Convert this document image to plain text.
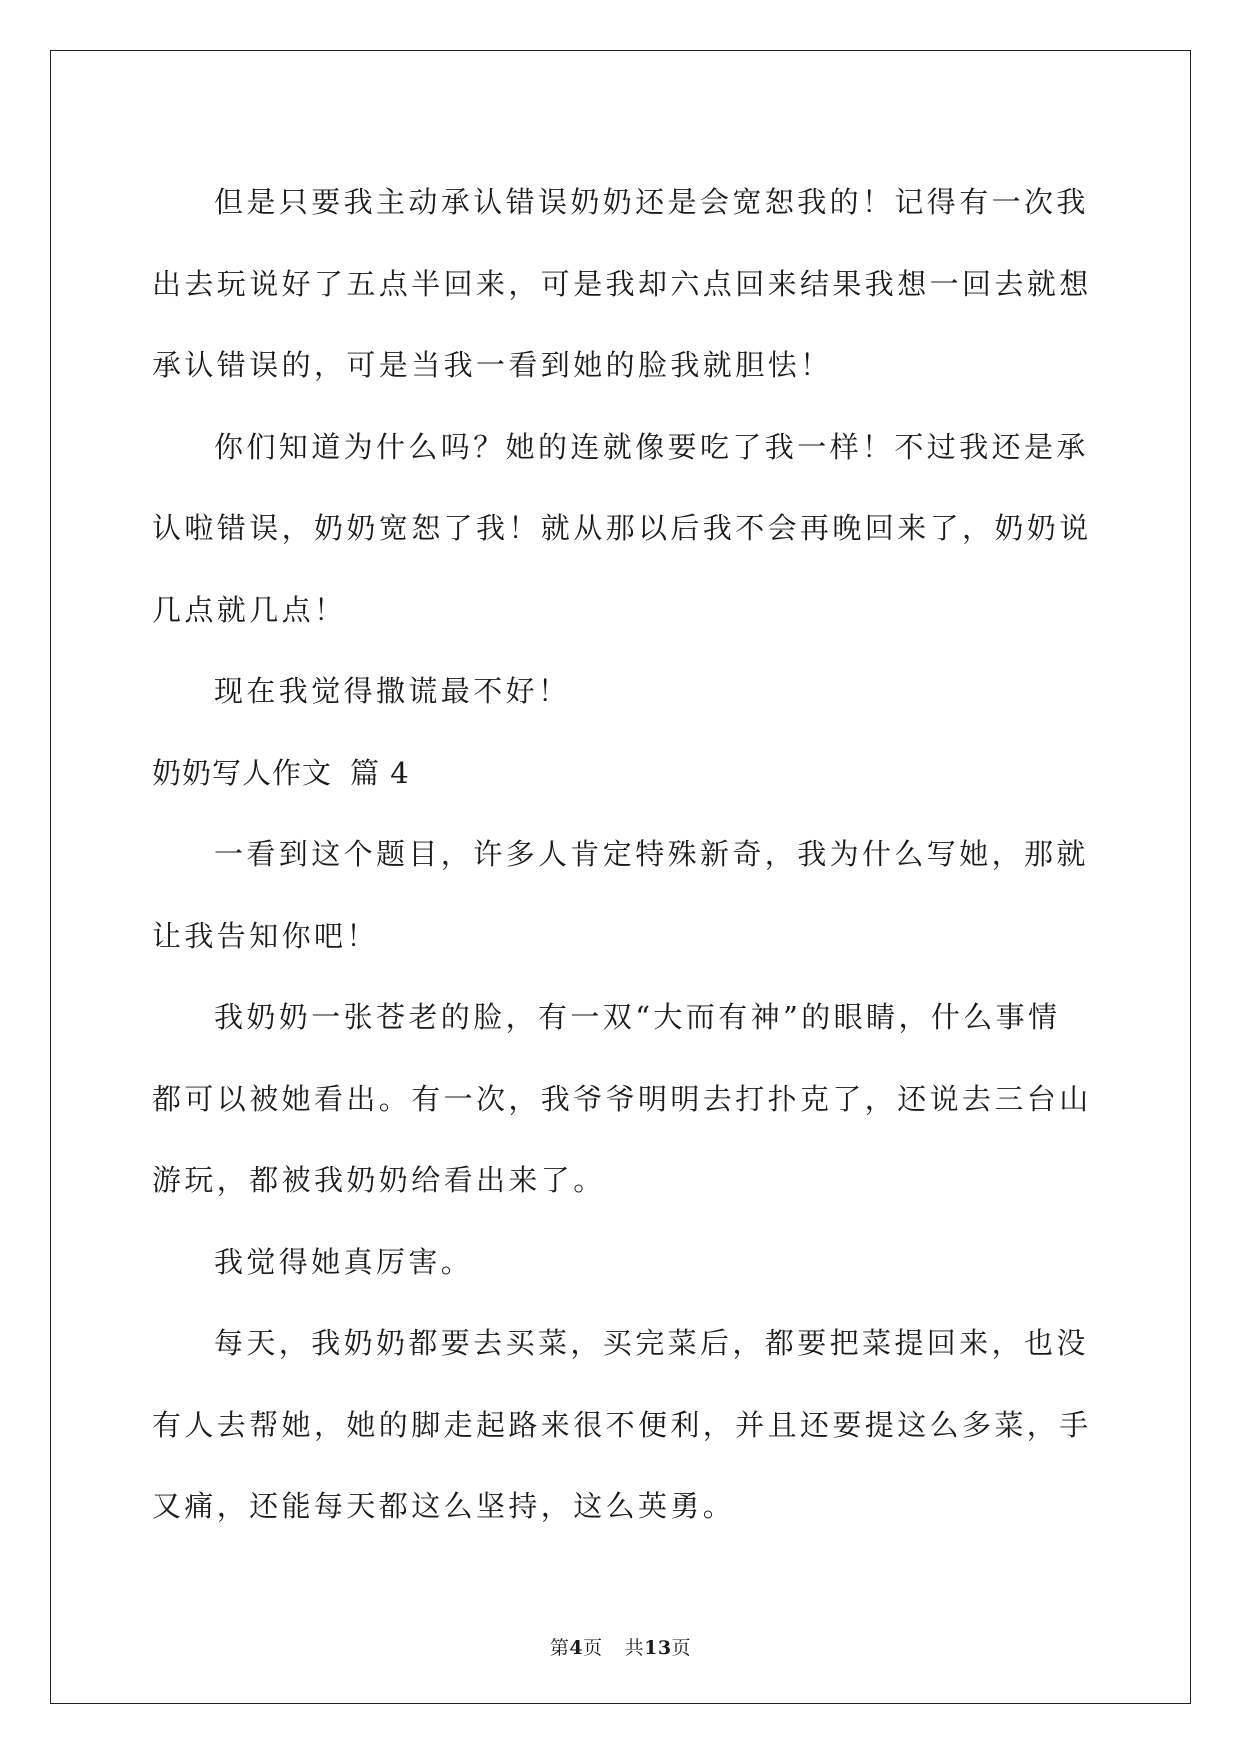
但是只要我主动承认错误奶奶还是会宽恕我的！记得有一次我出去玩说好了五点半回来，可是我却六点回来结果我想一回去就想承认错误的，可是当我一看到她的脸我就胆怯！

你们知道为什么吗？她的连就像要吃了我一样！不过我还是承认啦错误，奶奶宽恕了我！就从那以后我不会再晚回来了，奶奶说几点就几点！

现在我觉得撒谎最不好！

奶奶写人作文 篇 4

一看到这个题目，许多人肯定特殊新奇，我为什么写她，那就让我告知你吧！

我奶奶一张苍老的脸，有一双“大而有神”的眼睛，什么事情都可以被她看出。有一次，我爷爷明明去打扑克了，还说去三台山游玩，都被我奶奶给看出来了。

我觉得她真厉害。

每天，我奶奶都要去买菜，买完菜后，都要把菜提回来，也没有人去帮她，她的脚走起路来很不便利，并且还要提这么多菜，手又痛，还能每天都这么坚持，这么英勇。

第4页 共13页
